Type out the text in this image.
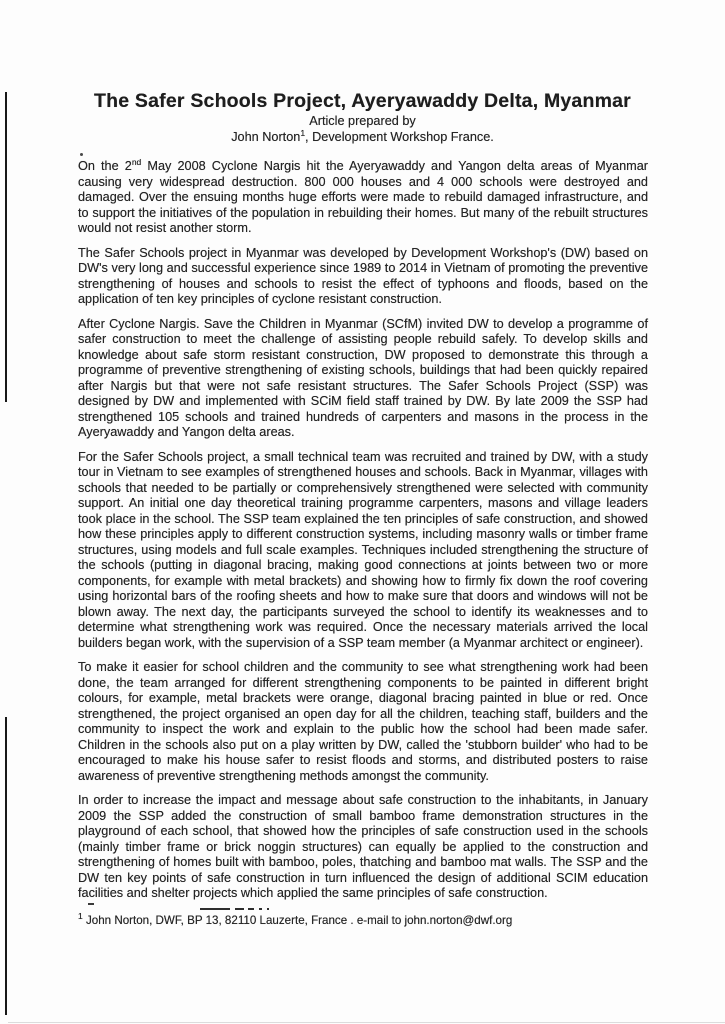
The Safer Schools Project, Ayeryawaddy Delta, Myanmar
Article prepared by
John Norton$^1$, Development Workshop France.

On the 2nd May 2008 Cyclone Nargis hit the Ayeryawaddy and Yangon delta areas of Myanmar causing very widespread destruction. 800 000 houses and 4 000 schools were destroyed and damaged. Over the ensuing months huge efforts were made to rebuild damaged infrastructure, and to support the initiatives of the population in rebuilding their homes. But many of the rebuilt structures would not resist another storm.

The Safer Schools project in Myanmar was developed by Development Workshop's (DW) based on DW's very long and successful experience since 1989 to 2014 in Vietnam of promoting the preventive strengthening of houses and schools to resist the effect of typhoons and floods, based on the application of ten key principles of cyclone resistant construction.

After Cyclone Nargis. Save the Children in Myanmar (SCfM) invited DW to develop a programme of safer construction to meet the challenge of assisting people rebuild safely. To develop skills and knowledge about safe storm resistant construction, DW proposed to demonstrate this through a programme of preventive strengthening of existing schools, buildings that had been quickly repaired after Nargis but that were not safe resistant structures. The Safer Schools Project (SSP) was designed by DW and implemented with SCiM field staff trained by DW. By late 2009 the SSP had strengthened 105 schools and trained hundreds of carpenters and masons in the process in the Ayeryawaddy and Yangon delta areas.

For the Safer Schools project, a small technical team was recruited and trained by DW, with a study tour in Vietnam to see examples of strengthened houses and schools. Back in Myanmar, villages with schools that needed to be partially or comprehensively strengthened were selected with community support. An initial one day theoretical training programme carpenters, masons and village leaders took place in the school. The SSP team explained the ten principles of safe construction, and showed how these principles apply to different construction systems, including masonry walls or timber frame structures, using models and full scale examples. Techniques included strengthening the structure of the schools (putting in diagonal bracing, making good connections at joints between two or more components, for example with metal brackets) and showing how to firmly fix down the roof covering using horizontal bars of the roofing sheets and how to make sure that doors and windows will not be blown away. The next day, the participants surveyed the school to identify its weaknesses and to determine what strengthening work was required. Once the necessary materials arrived the local builders began work, with the supervision of a SSP team member (a Myanmar architect or engineer).

To make it easier for school children and the community to see what strengthening work had been done, the team arranged for different strengthening components to be painted in different bright colours, for example, metal brackets were orange, diagonal bracing painted in blue or red. Once strengthened, the project organised an open day for all the children, teaching staff, builders and the community to inspect the work and explain to the public how the school had been made safer. Children in the schools also put on a play written by DW, called the 'stubborn builder' who had to be encouraged to make his house safer to resist floods and storms, and distributed posters to raise awareness of preventive strengthening methods amongst the community.

In order to increase the impact and message about safe construction to the inhabitants, in January 2009 the SSP added the construction of small bamboo frame demonstration structures in the playground of each school, that showed how the principles of safe construction used in the schools (mainly timber frame or brick noggin structures) can equally be applied to the construction and strengthening of homes built with bamboo, poles, thatching and bamboo mat walls. The SSP and the DW ten key points of safe construction in turn influenced the design of additional SCIM education facilities and shelter projects which applied the same principles of safe construction.

$^1$ John Norton, DWF, BP 13, 82110 Lauzerte, France . e-mail to john.norton@dwf.org
